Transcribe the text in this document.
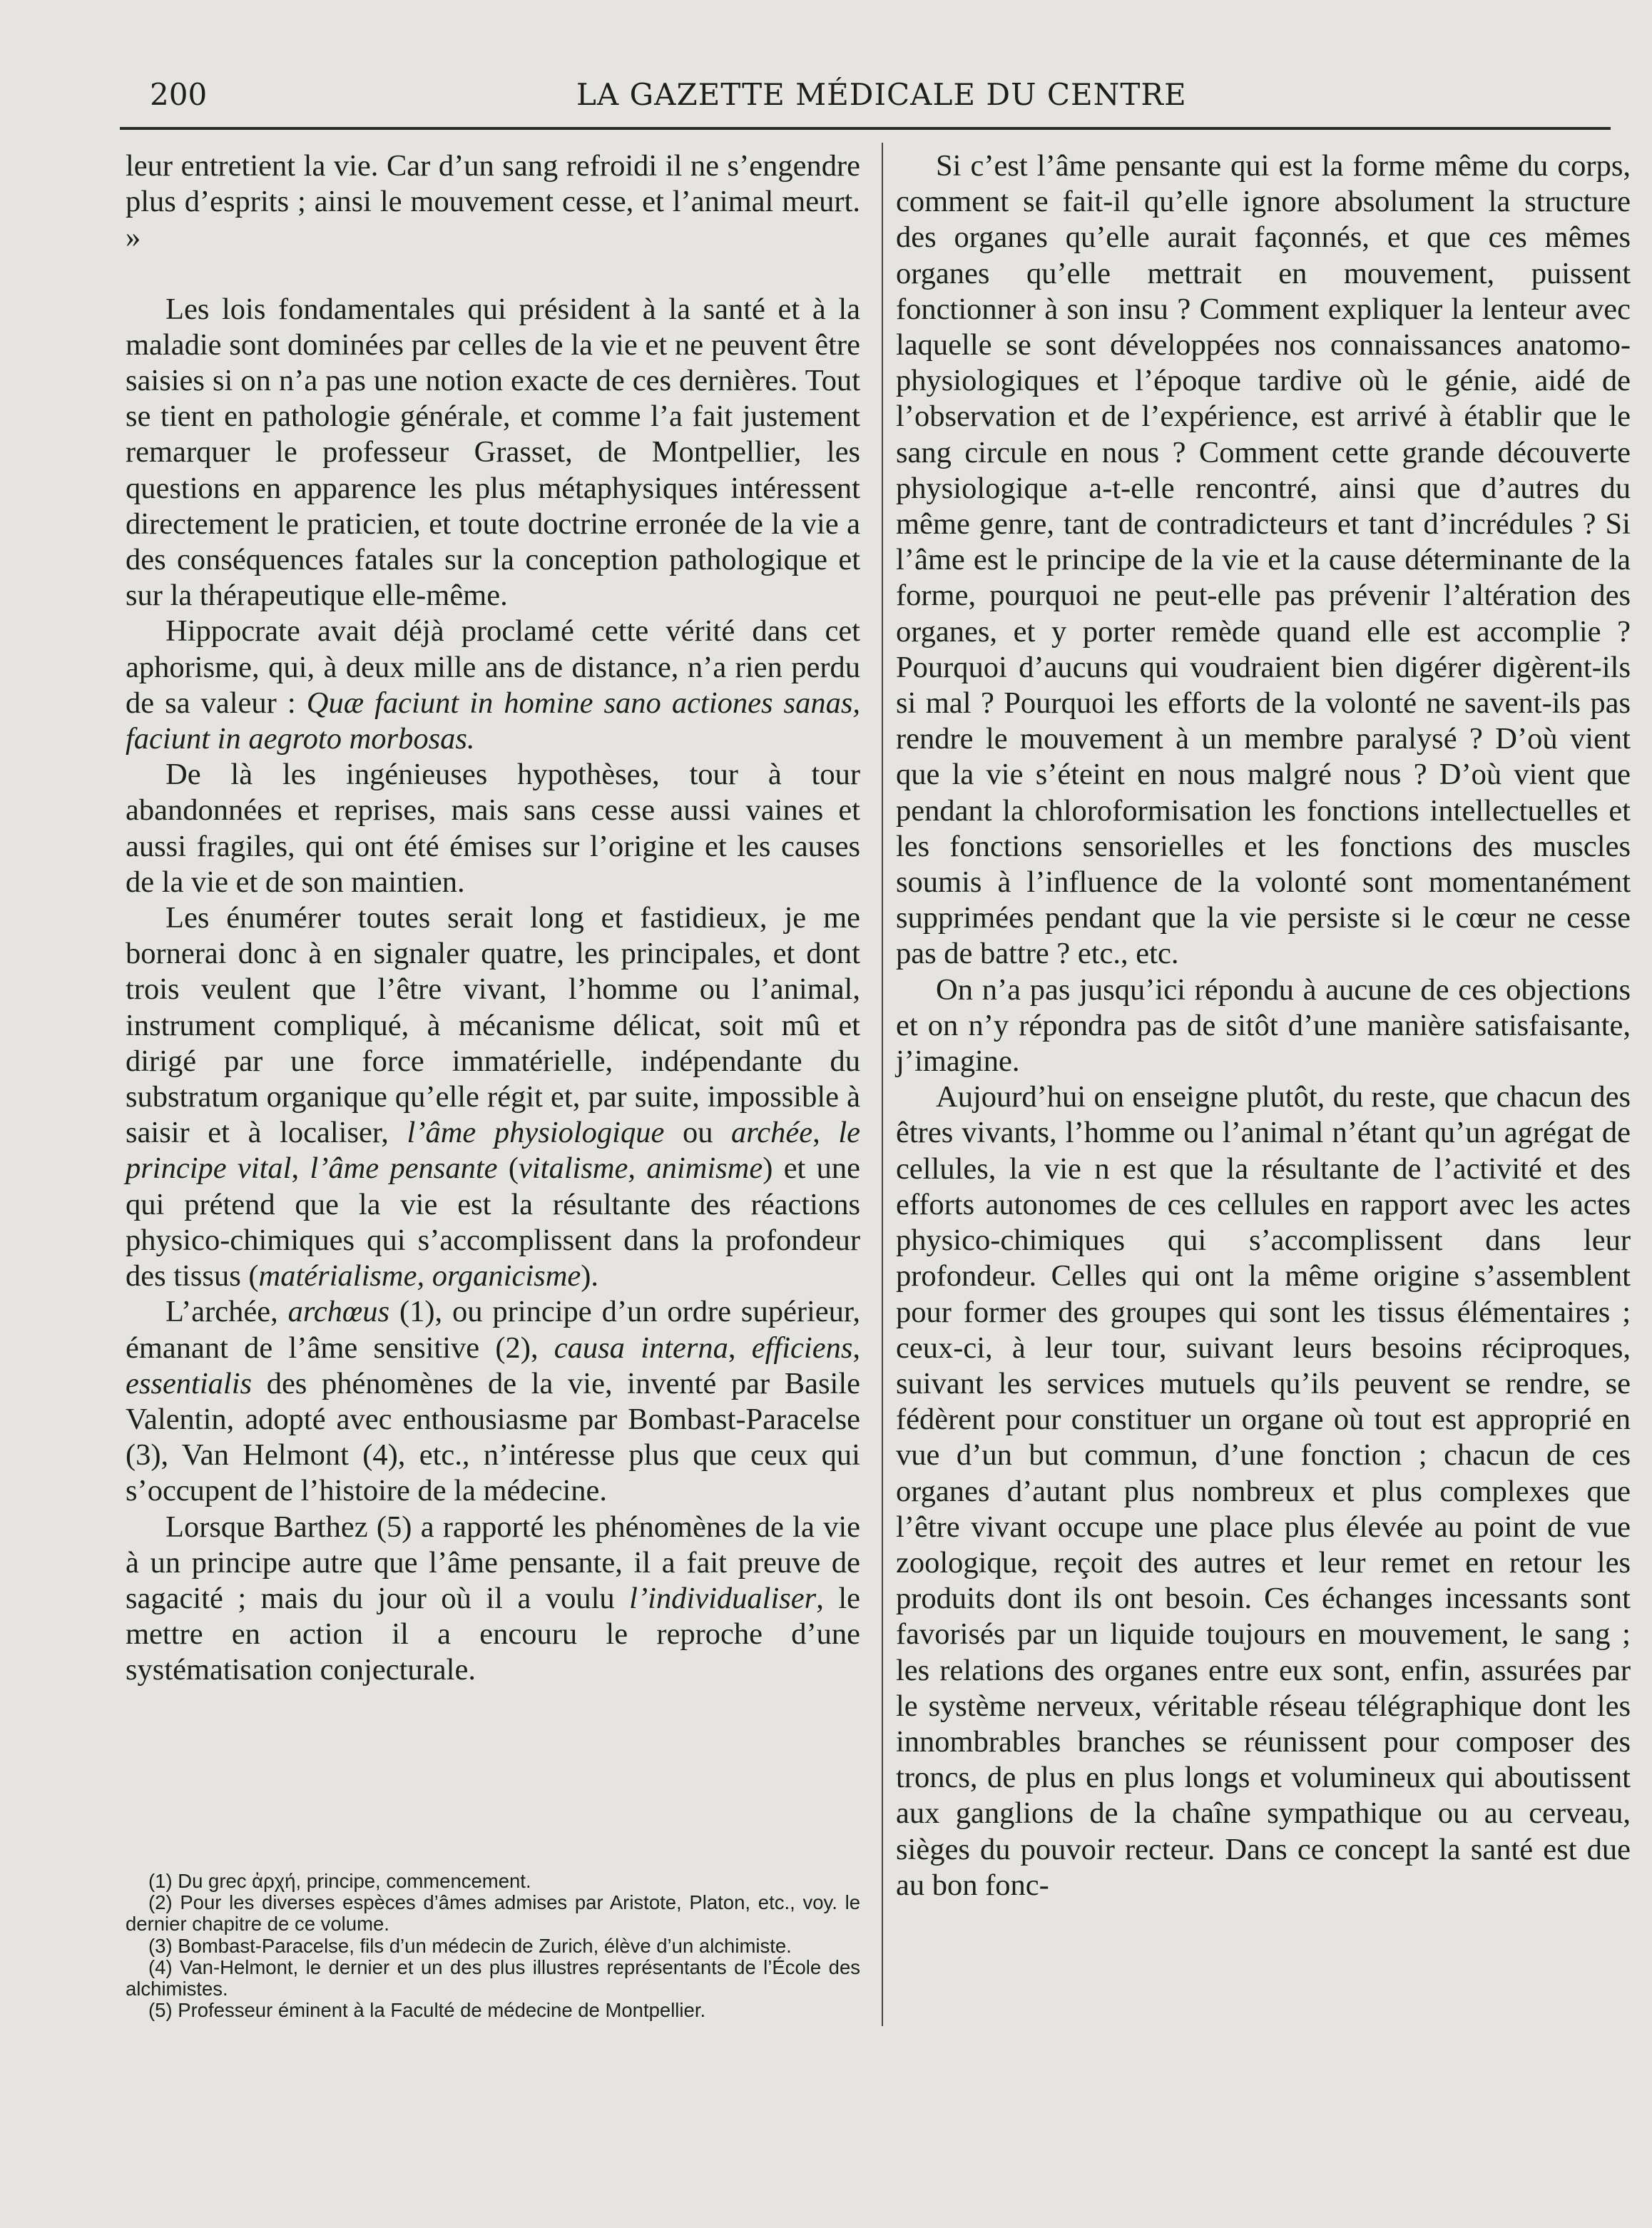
200	LA GAZETTE MÉDICALE DU CENTRE

leur entretient la vie. Car d’un sang refroidi il ne s’engendre plus d’esprits ; ainsi le mouvement cesse, et l’animal meurt. »

Les lois fondamentales qui président à la santé et à la maladie sont dominées par celles de la vie et ne peuvent être saisies si on n’a pas une notion exacte de ces dernières. Tout se tient en pathologie générale, et comme l’a fait justement remarquer le professeur Grasset, de Montpellier, les questions en apparence les plus métaphysiques intéressent directement le praticien, et toute doctrine erronée de la vie a des conséquences fatales sur la conception pathologique et sur la thérapeutique elle-même.

Hippocrate avait déjà proclamé cette vérité dans cet aphorisme, qui, à deux mille ans de distance, n’a rien perdu de sa valeur : Quæ faciunt in homine sano actiones sanas, faciunt in aegroto morbosas.

De là les ingénieuses hypothèses, tour à tour abandonnées et reprises, mais sans cesse aussi vaines et aussi fragiles, qui ont été émises sur l’origine et les causes de la vie et de son maintien.

Les énumérer toutes serait long et fastidieux, je me bornerai donc à en signaler quatre, les principales, et dont trois veulent que l’être vivant, l’homme ou l’animal, instrument compliqué, à mécanisme délicat, soit mû et dirigé par une force immatérielle, indépendante du substratum organique qu’elle régit et, par suite, impossible à saisir et à localiser, l’âme physiologique ou archée, le principe vital, l’âme pensante (vitalisme, animisme) et une qui prétend que la vie est la résultante des réactions physico-chimiques qui s’accomplissent dans la profondeur des tissus (matérialisme, organicisme).

L’archée, archœus (1), ou principe d’un ordre supérieur, émanant de l’âme sensitive (2), causa interna, efficiens, essentialis des phénomènes de la vie, inventé par Basile Valentin, adopté avec enthousiasme par Bombast-Paracelse (3), Van Helmont (4), etc., n’intéresse plus que ceux qui s’occupent de l’histoire de la médecine.

Lorsque Barthez (5) a rapporté les phénomènes de la vie à un principe autre que l’âme pensante, il a fait preuve de sagacité ; mais du jour où il a voulu l’individualiser, le mettre en action il a encouru le reproche d’une systématisation conjecturale.

(1) Du grec ἀρχή, principe, commencement.

(2) Pour les diverses espèces d’âmes admises par Aristote, Platon, etc., voy. le dernier chapitre de ce volume.

(3) Bombast-Paracelse, fils d’un médecin de Zurich, élève d’un alchimiste.

(4) Van-Helmont, le dernier et un des plus illustres représentants de l’École des alchimistes.

(5) Professeur éminent à la Faculté de médecine de Montpellier.

Si c’est l’âme pensante qui est la forme même du corps, comment se fait-il qu’elle ignore absolument la structure des organes qu’elle aurait façonnés, et que ces mêmes organes qu’elle mettrait en mouvement, puissent fonctionner à son insu ? Comment expliquer la lenteur avec laquelle se sont développées nos connaissances anatomo-physiologiques et l’époque tardive où le génie, aidé de l’observation et de l’expérience, est arrivé à établir que le sang circule en nous ? Comment cette grande découverte physiologique a-t-elle rencontré, ainsi que d’autres du même genre, tant de contradicteurs et tant d’incrédules ? Si l’âme est le principe de la vie et la cause déterminante de la forme, pourquoi ne peut-elle pas prévenir l’altération des organes, et y porter remède quand elle est accomplie ? Pourquoi d’aucuns qui voudraient bien digérer digèrent-ils si mal ? Pourquoi les efforts de la volonté ne savent-ils pas rendre le mouvement à un membre paralysé ? D’où vient que la vie s’éteint en nous malgré nous ? D’où vient que pendant la chloroformisation les fonctions intellectuelles et les fonctions sensorielles et les fonctions des muscles soumis à l’influence de la volonté sont momentanément supprimées pendant que la vie persiste si le cœur ne cesse pas de battre ? etc., etc.

On n’a pas jusqu’ici répondu à aucune de ces objections et on n’y répondra pas de sitôt d’une manière satisfaisante, j’imagine.

Aujourd’hui on enseigne plutôt, du reste, que chacun des êtres vivants, l’homme ou l’animal n’étant qu’un agrégat de cellules, la vie n est que la résultante de l’activité et des efforts autonomes de ces cellules en rapport avec les actes physico-chimiques qui s’accomplissent dans leur profondeur. Celles qui ont la même origine s’assemblent pour former des groupes qui sont les tissus élémentaires ; ceux-ci, à leur tour, suivant leurs besoins réciproques, suivant les services mutuels qu’ils peuvent se rendre, se fédèrent pour constituer un organe où tout est approprié en vue d’un but commun, d’une fonction ; chacun de ces organes d’autant plus nombreux et plus complexes que l’être vivant occupe une place plus élevée au point de vue zoologique, reçoit des autres et leur remet en retour les produits dont ils ont besoin. Ces échanges incessants sont favorisés par un liquide toujours en mouvement, le sang ; les relations des organes entre eux sont, enfin, assurées par le système nerveux, véritable réseau télégraphique dont les innombrables branches se réunissent pour composer des troncs, de plus en plus longs et volumineux qui aboutissent aux ganglions de la chaîne sympathique ou au cerveau, sièges du pouvoir recteur. Dans ce concept la santé est due au bon fonc-
